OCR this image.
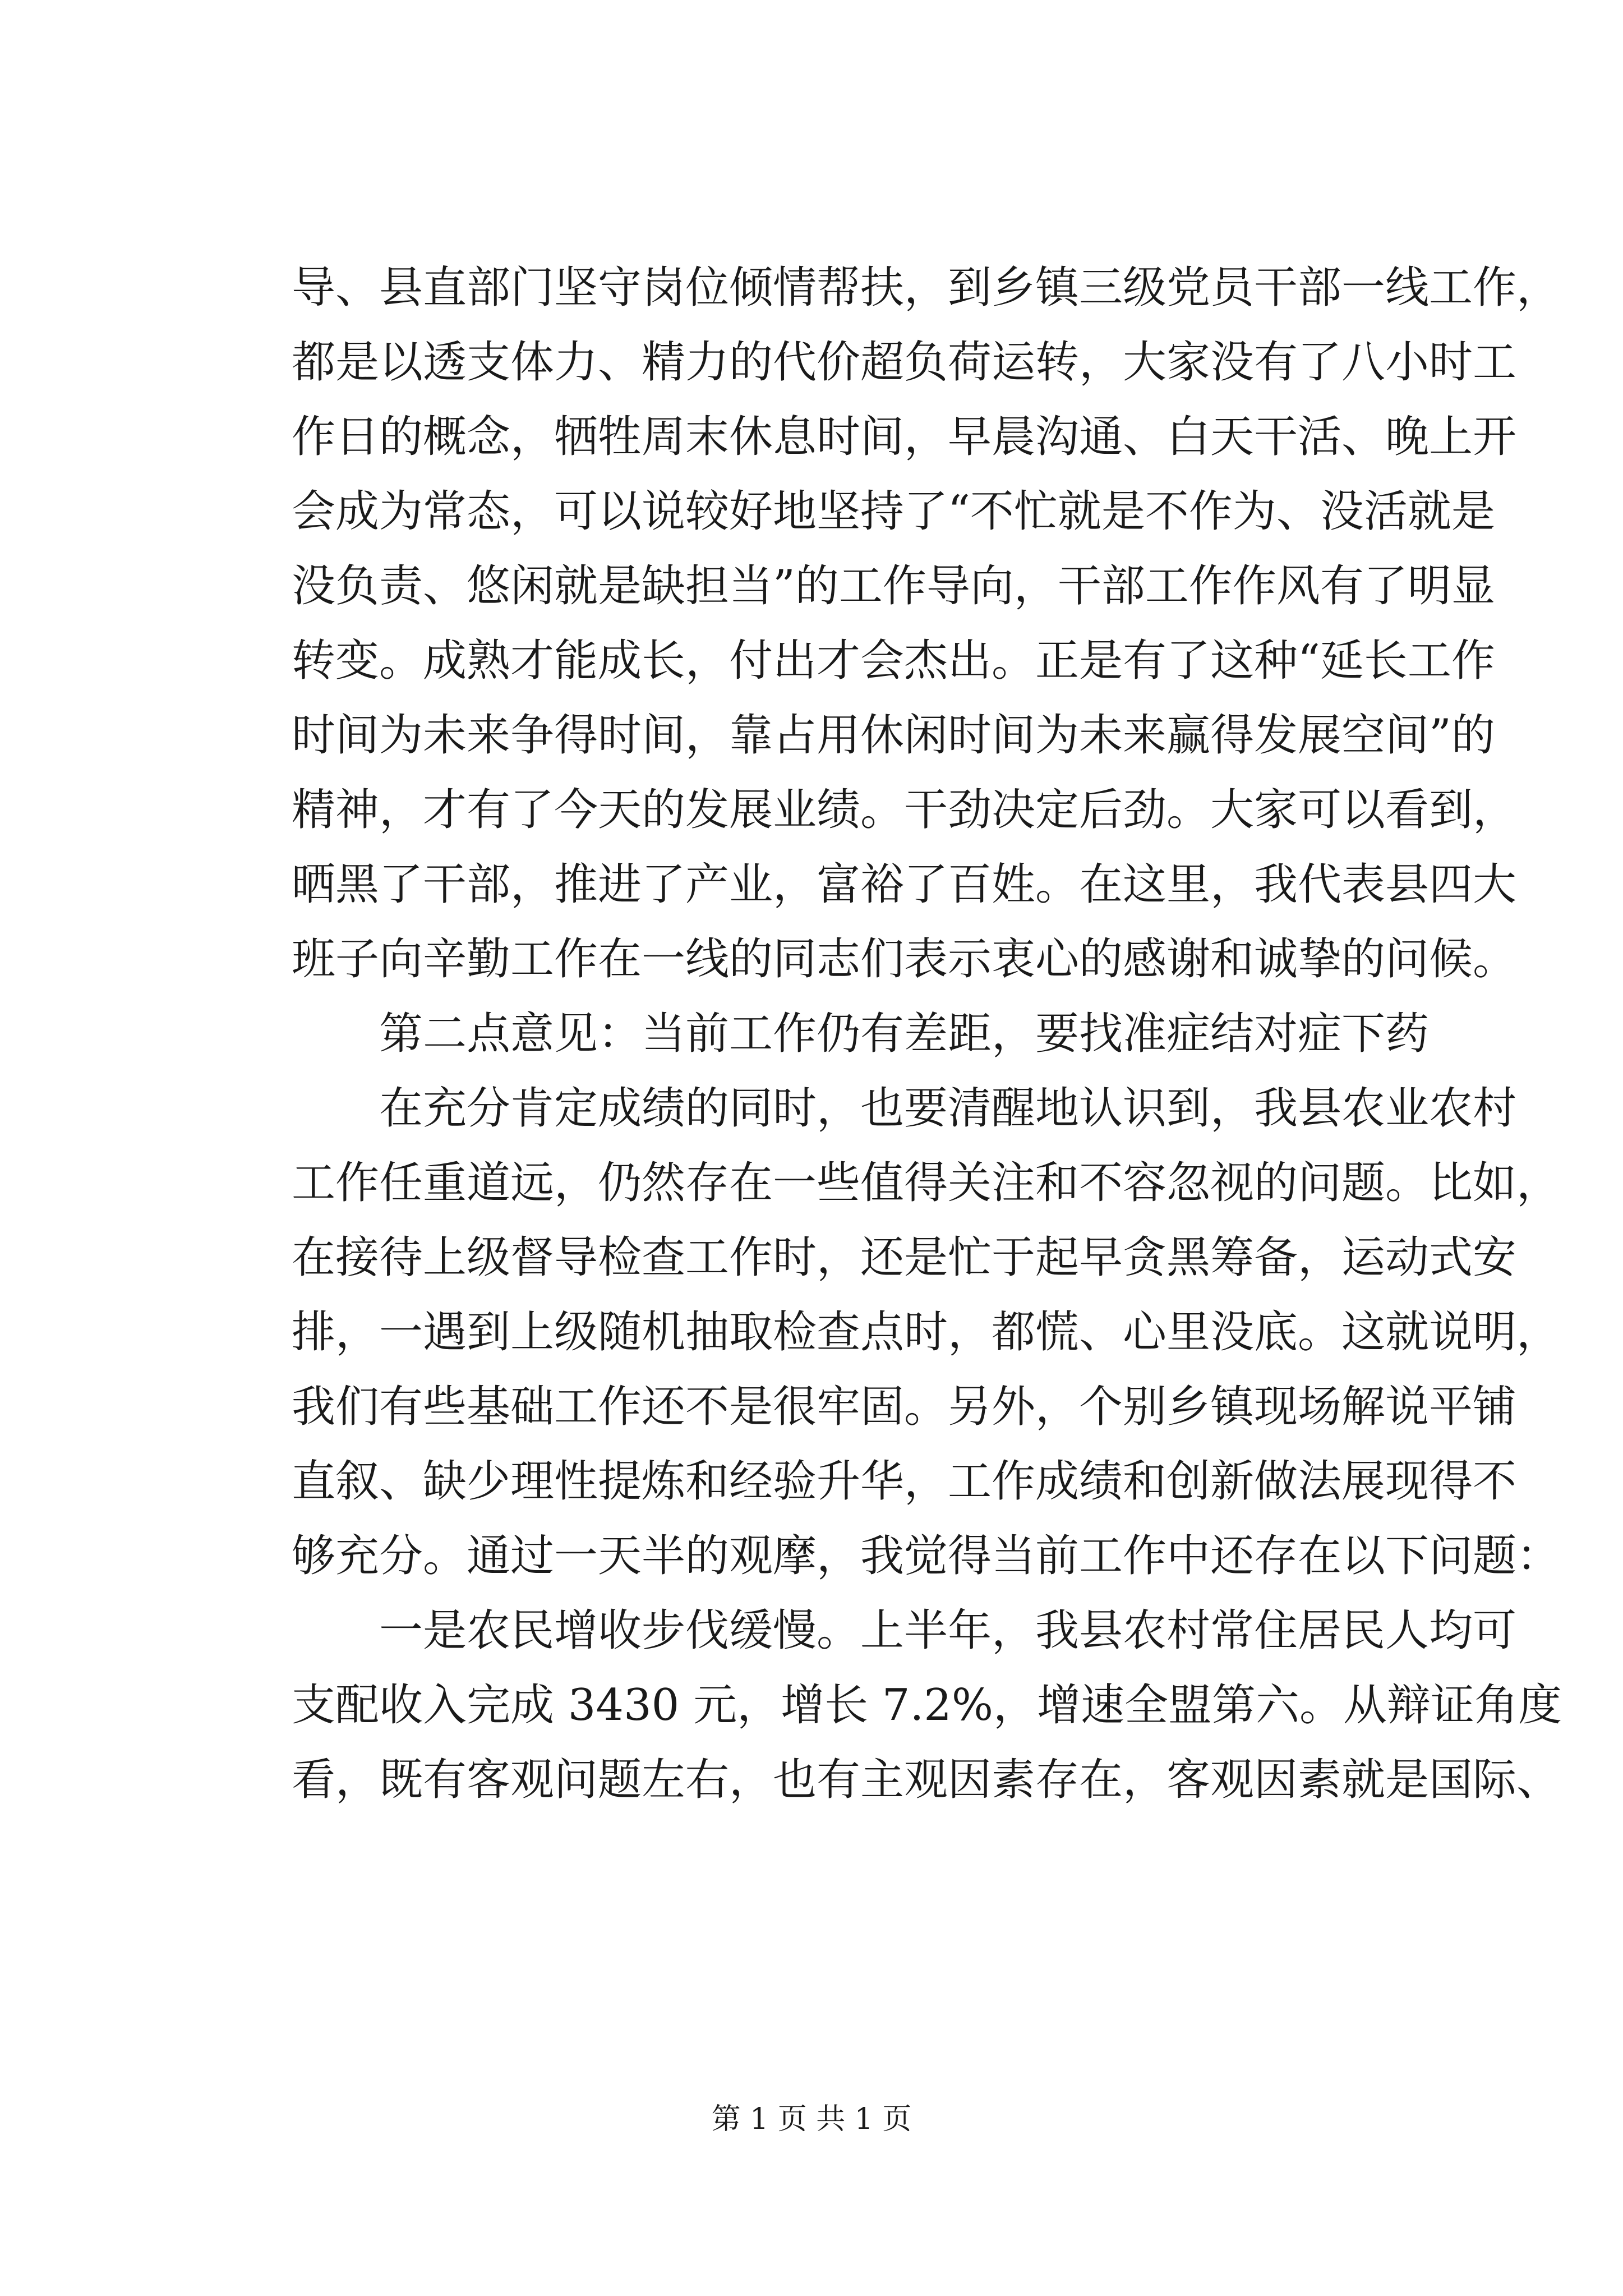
导、县直部门坚守岗位倾情帮扶，到乡镇三级党员干部一线工作，
都是以透支体力、精力的代价超负荷运转，大家没有了八小时工
作日的概念，牺牲周末休息时间，早晨沟通、白天干活、晚上开
会成为常态，可以说较好地坚持了“不忙就是不作为、没活就是
没负责、悠闲就是缺担当”的工作导向，干部工作作风有了明显
转变。成熟才能成长，付出才会杰出。正是有了这种“延长工作
时间为未来争得时间，靠占用休闲时间为未来赢得发展空间”的
精神，才有了今天的发展业绩。干劲决定后劲。大家可以看到，
晒黑了干部，推进了产业，富裕了百姓。在这里，我代表县四大
班子向辛勤工作在一线的同志们表示衷心的感谢和诚挚的问候。
第二点意见：当前工作仍有差距，要找准症结对症下药
在充分肯定成绩的同时，也要清醒地认识到，我县农业农村
工作任重道远，仍然存在一些值得关注和不容忽视的问题。比如，
在接待上级督导检查工作时，还是忙于起早贪黑筹备，运动式安
排，一遇到上级随机抽取检查点时，都慌、心里没底。这就说明，
我们有些基础工作还不是很牢固。另外，个别乡镇现场解说平铺
直叙、缺少理性提炼和经验升华，工作成绩和创新做法展现得不
够充分。通过一天半的观摩，我觉得当前工作中还存在以下问题：
一是农民增收步伐缓慢。上半年，我县农村常住居民人均可
支配收入完成 3430 元，增长 7.2%，增速全盟第六。从辩证角度
看，既有客观问题左右，也有主观因素存在，客观因素就是国际、
第 1 页 共 1 页
